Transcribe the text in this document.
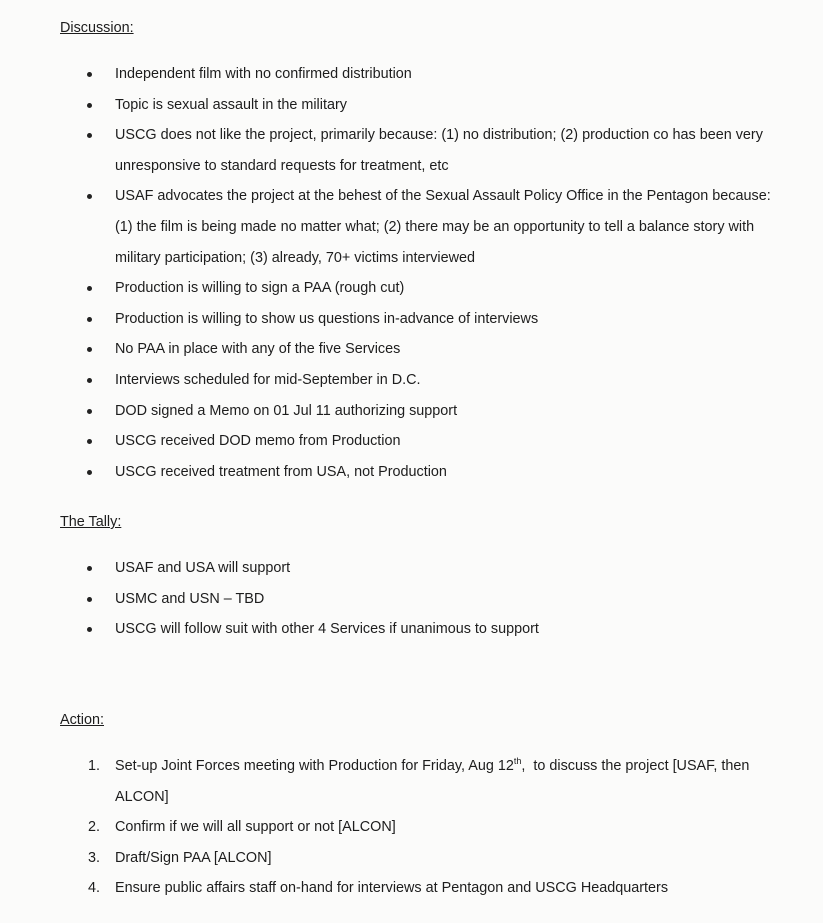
Discussion:
Independent film with no confirmed distribution
Topic is sexual assault in the military
USCG does not like the project, primarily because: (1) no distribution; (2) production co has been very unresponsive to standard requests for treatment, etc
USAF advocates the project at the behest of the Sexual Assault Policy Office in the Pentagon because: (1) the film is being made no matter what; (2) there may be an opportunity to tell a balance story with military participation; (3) already, 70+ victims interviewed
Production is willing to sign a PAA (rough cut)
Production is willing to show us questions in-advance of interviews
No PAA in place with any of the five Services
Interviews scheduled for mid-September in D.C.
DOD signed a Memo on 01 Jul 11 authorizing support
USCG received DOD memo from Production
USCG received treatment from USA, not Production
The Tally:
USAF and USA will support
USMC and USN – TBD
USCG will follow suit with other 4 Services if unanimous to support
Action:
1. Set-up Joint Forces meeting with Production for Friday, Aug 12th,  to discuss the project [USAF, then ALCON]
2. Confirm if we will all support or not [ALCON]
3. Draft/Sign PAA [ALCON]
4. Ensure public affairs staff on-hand for interviews at Pentagon and USCG Headquarters
